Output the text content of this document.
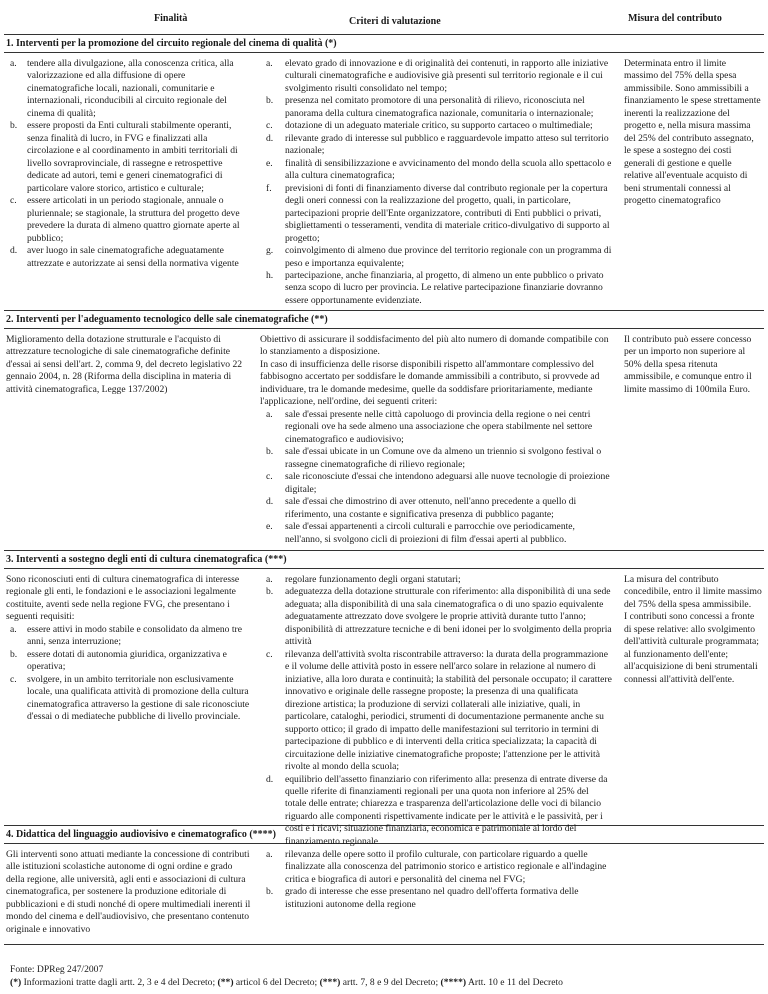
Finalità	Criteri di valutazione	Misura del contributo
1. Interventi per la promozione del circuito regionale del cinema di qualità (*)
a. tendere alla divulgazione, alla conoscenza critica, alla valorizzazione ed alla diffusione di opere cinematografiche locali, nazionali, comunitarie e internazionali, riconducibili al circuito regionale del cinema di qualità;
b. essere proposti da Enti culturali stabilmente operanti, senza finalità di lucro, in FVG e finalizzati alla circolazione e al coordinamento in ambiti territoriali di livello sovraprovinciale, di rassegne e retrospettive dedicate ad autori, temi e generi cinematografici di particolare valore storico, artistico e culturale;
c. essere articolati in un periodo stagionale, annuale o pluriennale; se stagionale, la struttura del progetto deve prevedere la durata di almeno quattro giornate aperte al pubblico;
d. aver luogo in sale cinematografiche adeguatamente attrezzate e autorizzate ai sensi della normativa vigente
a. elevato grado di innovazione e di originalità dei contenuti, in rapporto alle iniziative culturali cinematografiche e audiovisive già presenti sul territorio regionale e il cui svolgimento risulti consolidato nel tempo;
b. presenza nel comitato promotore di una personalità di rilievo, riconosciuta nel panorama della cultura cinematografica nazionale, comunitaria o internazionale;
c. dotazione di un adeguato materiale critico, su supporto cartaceo o multimediale;
d. rilevante grado di interesse sul pubblico e ragguardevole impatto atteso sul territorio nazionale;
e. finalità di sensibilizzazione e avvicinamento del mondo della scuola allo spettacolo e alla cultura cinematografica;
f. previsioni di fonti di finanziamento diverse dal contributo regionale per la copertura degli oneri connessi con la realizzazione del progetto, quali, in particolare, partecipazioni proprie dell'Ente organizzatore, contributi di Enti pubblici o privati, sbigliettamenti o tesseramenti, vendita di materiale critico-divulgativo di supporto al progetto;
g. coinvolgimento di almeno due province del territorio regionale con un programma di peso e importanza equivalente;
h. partecipazione, anche finanziaria, al progetto, di almeno un ente pubblico o privato senza scopo di lucro per provincia. Le relative partecipazione finanziarie dovranno essere opportunamente evidenziate.

Determinata entro il limite massimo del 75% della spesa ammissibile. Sono ammissibili a finanziamento le spese strettamente inerenti la realizzazione del progetto e, nella misura massima del 25% del contributo assegnato, le spese a sostegno dei costi generali di gestione e quelle relative all'eventuale acquisto di beni strumentali connessi al progetto cinematografico

2. Interventi per l'adeguamento tecnologico delle sale cinematografiche (**)

Miglioramento della dotazione strutturale e l'acquisto di attrezzature tecnologiche di sale cinematografiche definite d'essai ai sensi dell'art. 2, comma 9, del decreto legislativo 22 gennaio 2004, n. 28 (Riforma della disciplina in materia di attività cinematografica, Legge 137/2002)

Obiettivo di assicurare il soddisfacimento del più alto numero di domande compatibile con lo stanziamento a disposizione.
In caso di insufficienza delle risorse disponibili rispetto all'ammontare complessivo del fabbisogno accertato per soddisfare le domande ammissibili a contributo, si provvede ad individuare, tra le domande medesime, quelle da soddisfare prioritariamente, mediante l'applicazione, nell'ordine, dei seguenti criteri:

a. sale d'essai presente nelle città capoluogo di provincia della regione o nei centri regionali ove ha sede almeno una associazione che opera stabilmente nel settore cinematografico e audiovisivo;
b. sale d'essai ubicate in un Comune ove da almeno un triennio si svolgono festival o rassegne cinematografiche di rilievo regionale;
c. sale riconosciute d'essai che intendono adeguarsi alle nuove tecnologie di proiezione digitale;
d. sale d'essai che dimostrino di aver ottenuto, nell'anno precedente a quello di riferimento, una costante e significativa presenza di pubblico pagante;
e. sale d'essai appartenenti a circoli culturali e parrocchie ove periodicamente, nell'anno, si svolgono cicli di proiezioni di film d'essai aperti al pubblico.

Il contributo può essere concesso per un importo non superiore al 50% della spesa ritenuta ammissibile, e comunque entro il limite massimo di 100mila Euro.

3. Interventi a sostegno degli enti di cultura cinematografica (***)

Sono riconosciuti enti di cultura cinematografica di interesse regionale gli enti, le fondazioni e le associazioni legalmente costituite, aventi sede nella regione FVG, che presentano i seguenti requisiti:

a. essere attivi in modo stabile e consolidato da almeno tre anni, senza interruzione;
b. essere dotati di autonomia giuridica, organizzativa e operativa;
c. svolgere, in un ambito territoriale non esclusivamente locale, una qualificata attività di promozione della cultura cinematografica attraverso la gestione di sale riconosciute d'essai o di mediateche pubbliche di livello provinciale.
a. regolare funzionamento degli organi statutari;
b. adeguatezza della dotazione strutturale con riferimento: alla disponibilità di una sede adeguata; alla disponibilità di una sala cinematografica o di uno spazio equivalente adeguatamente attrezzato dove svolgere le proprie attività durante tutto l'anno; disponibilità di attrezzature tecniche e di beni idonei per lo svolgimento della propria attività
c. rilevanza dell'attività svolta riscontrabile attraverso: la durata della programmazione e il volume delle attività posto in essere nell'arco solare in relazione al numero di iniziative, alla loro durata e continuità; la stabilità del personale occupato; il carattere innovativo e originale delle rassegne proposte; la presenza di una qualificata direzione artistica; la produzione di servizi collaterali alle iniziative, quali, in particolare, cataloghi, periodici, strumenti di documentazione permanente anche su supporto ottico; il grado di impatto delle manifestazioni sul territorio in termini di partecipazione di pubblico e di interventi della critica specializzata; la capacità di circuitazione delle iniziative cinematografiche proposte; l'attenzione per le attività rivolte al mondo della scuola;
d. equilibrio dell'assetto finanziario con riferimento alla: presenza di entrate diverse da quelle riferite di finanziamenti regionali per una quota non inferiore al 25% del totale delle entrate; chiarezza e trasparenza dell'articolazione delle voci di bilancio riguardo alle componenti rispettivamente indicate per le attività e le passività, per i costi e i ricavi; situazione finanziaria, economica e patrimoniale al lordo del finanziamento regionale

La misura del contributo concedibile, entro il limite massimo del 75% della spesa ammissibile.
I contributi sono concessi a fronte di spese relative: allo svolgimento dell'attività culturale programmata; al funzionamento dell'ente; all'acquisizione di beni strumentali connessi all'attività dell'ente.

4. Didattica del linguaggio audiovisivo e cinematografico (****)

Gli interventi sono attuati mediante la concessione di contributi alle istituzioni scolastiche autonome di ogni ordine e grado della regione, alle università, agli enti e associazioni di cultura cinematografica, per sostenere la produzione editoriale di pubblicazioni e di studi nonché di opere multimediali inerenti il mondo del cinema e dell'audiovisivo, che presentano contenuto originale e innovativo

a. rilevanza delle opere sotto il profilo culturale, con particolare riguardo a quelle finalizzate alla conoscenza del patrimonio storico e artistico regionale e all'indagine critica e biografica di autori e personalità del cinema nel FVG;
b. grado di interesse che esse presentano nel quadro dell'offerta formativa delle istituzioni autonome della regione

Fonte: DPReg 247/2007
(*) Informazioni tratte dagli artt. 2, 3 e 4 del Decreto; (**) articol 6 del Decreto; (***) artt. 7, 8 e 9 del Decreto; (****) Artt. 10 e 11 del Decreto
